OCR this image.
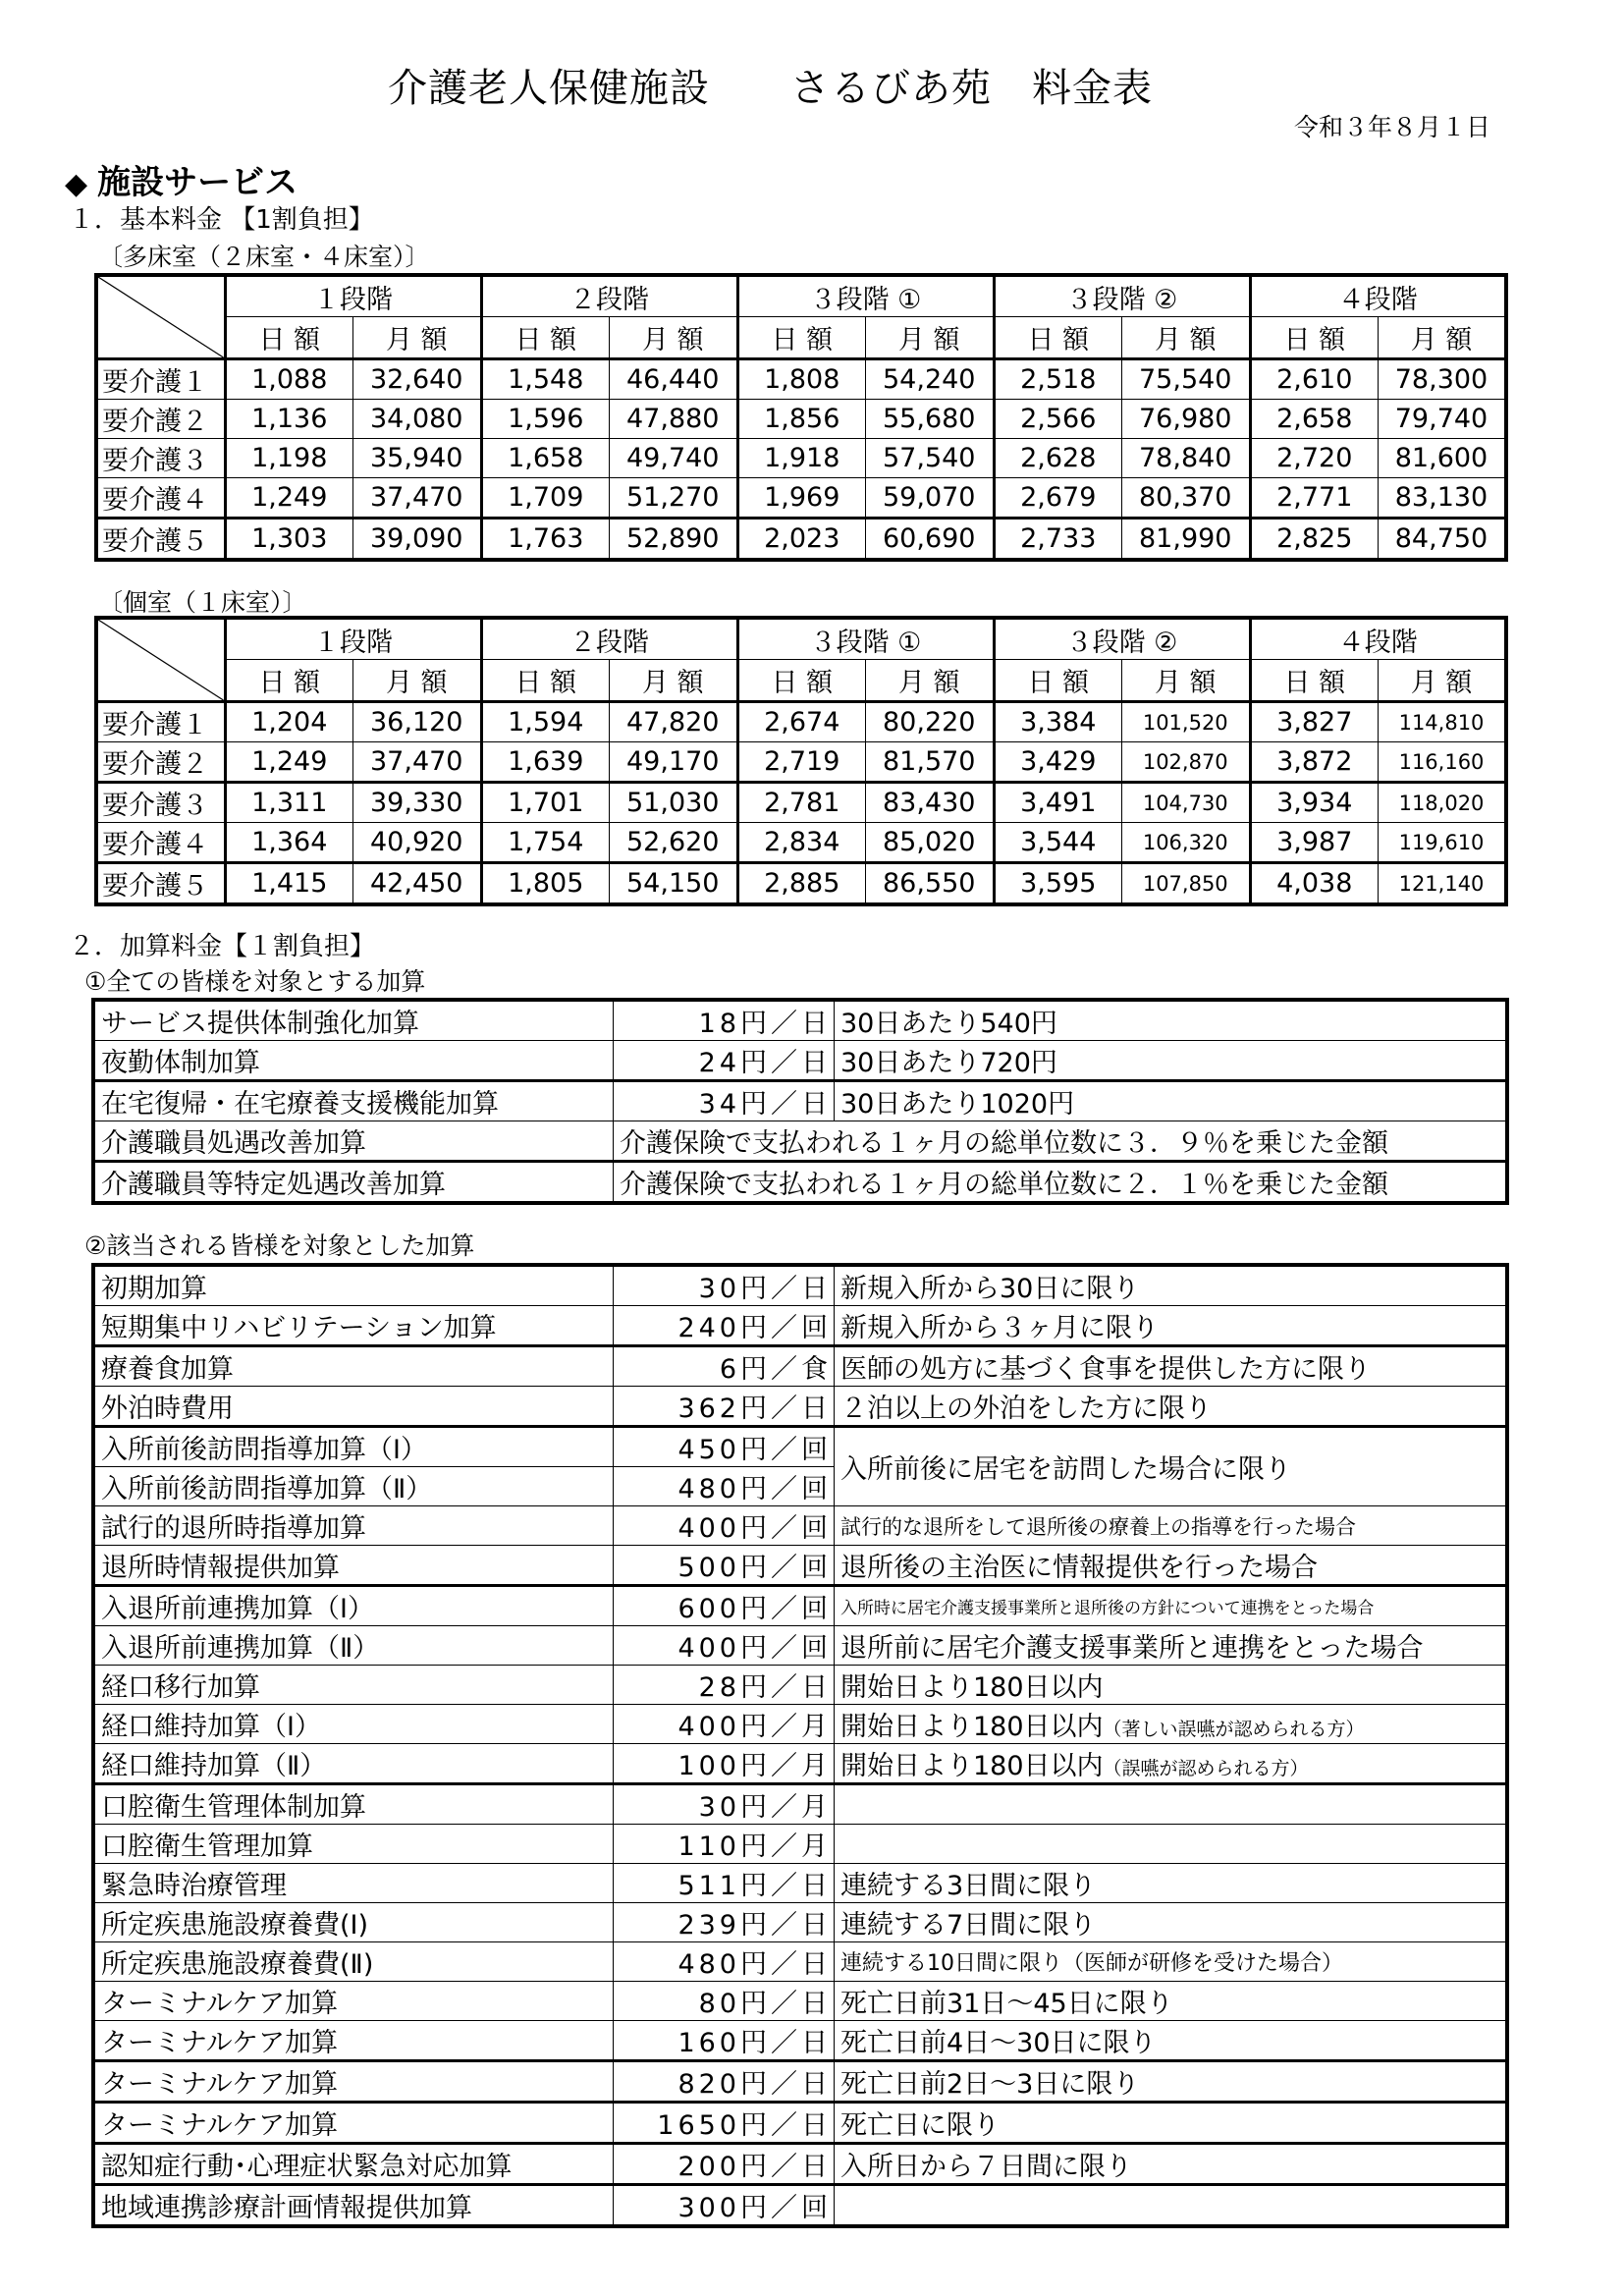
介護老人保健施設　　さるびあ苑　料金表
令和３年８月１日
◆ 施設サービス
１．基本料金 【1割負担】
〔多床室（２床室・４床室）〕
	１段階		２段階		３段階 ①		３段階 ②		４段階	
	日 額	月 額	日 額	月 額	日 額	月 額	日 額	月 額	日 額	月 額
要介護１	1,088	32,640	1,548	46,440	1,808	54,240	2,518	75,540	2,610	78,300
要介護２	1,136	34,080	1,596	47,880	1,856	55,680	2,566	76,980	2,658	79,740
要介護３	1,198	35,940	1,658	49,740	1,918	57,540	2,628	78,840	2,720	81,600
要介護４	1,249	37,470	1,709	51,270	1,969	59,070	2,679	80,370	2,771	83,130
要介護５	1,303	39,090	1,763	52,890	2,023	60,690	2,733	81,990	2,825	84,750
〔個室（１床室）〕
	１段階		２段階		３段階 ①		３段階 ②		４段階	
	日 額	月 額	日 額	月 額	日 額	月 額	日 額	月 額	日 額	月 額
要介護１	1,204	36,120	1,594	47,820	2,674	80,220	3,384	101,520	3,827	114,810
要介護２	1,249	37,470	1,639	49,170	2,719	81,570	3,429	102,870	3,872	116,160
要介護３	1,311	39,330	1,701	51,030	2,781	83,430	3,491	104,730	3,934	118,020
要介護４	1,364	40,920	1,754	52,620	2,834	85,020	3,544	106,320	3,987	119,610
要介護５	1,415	42,450	1,805	54,150	2,885	86,550	3,595	107,850	4,038	121,140
２．加算料金【１割負担】
①全ての皆様を対象とする加算
サービス提供体制強化加算	18円／日	30日あたり540円
夜勤体制加算	24円／日	30日あたり720円
在宅復帰・在宅療養支援機能加算	34円／日	30日あたり1020円
介護職員処遇改善加算	介護保険で支払われる１ヶ月の総単位数に３．９％を乗じた金額	
介護職員等特定処遇改善加算	介護保険で支払われる１ヶ月の総単位数に２．１％を乗じた金額	
②該当される皆様を対象とした加算
初期加算	30円／日	新規入所から30日に限り
短期集中リハビリテーション加算	240円／回	新規入所から３ヶ月に限り
療養食加算	6円／食	医師の処方に基づく食事を提供した方に限り
外泊時費用	362円／日	２泊以上の外泊をした方に限り
入所前後訪問指導加算（Ⅰ）	450円／回	入所前後に居宅を訪問した場合に限り
入所前後訪問指導加算（Ⅱ）	480円／回	
試行的退所時指導加算	400円／回	試行的な退所をして退所後の療養上の指導を行った場合
退所時情報提供加算	500円／回	退所後の主治医に情報提供を行った場合
入退所前連携加算（Ⅰ）	600円／回	入所時に居宅介護支援事業所と退所後の方針について連携をとった場合
入退所前連携加算（Ⅱ）	400円／回	退所前に居宅介護支援事業所と連携をとった場合
経口移行加算	28円／日	開始日より180日以内
経口維持加算（Ⅰ）	400円／月	開始日より180日以内（著しい誤嚥が認められる方）
経口維持加算（Ⅱ）	100円／月	開始日より180日以内（誤嚥が認められる方）
口腔衛生管理体制加算	30円／月	
口腔衛生管理加算	110円／月	
緊急時治療管理	511円／日	連続する3日間に限り
所定疾患施設療養費(Ⅰ)	239円／日	連続する7日間に限り
所定疾患施設療養費(Ⅱ)	480円／日	連続する10日間に限り（医師が研修を受けた場合）
ターミナルケア加算	80円／日	死亡日前31日～45日に限り
ターミナルケア加算	160円／日	死亡日前4日～30日に限り
ターミナルケア加算	820円／日	死亡日前2日～3日に限り
ターミナルケア加算	1650円／日	死亡日に限り
認知症行動･心理症状緊急対応加算	200円／日	入所日から７日間に限り
地域連携診療計画情報提供加算	300円／回	
